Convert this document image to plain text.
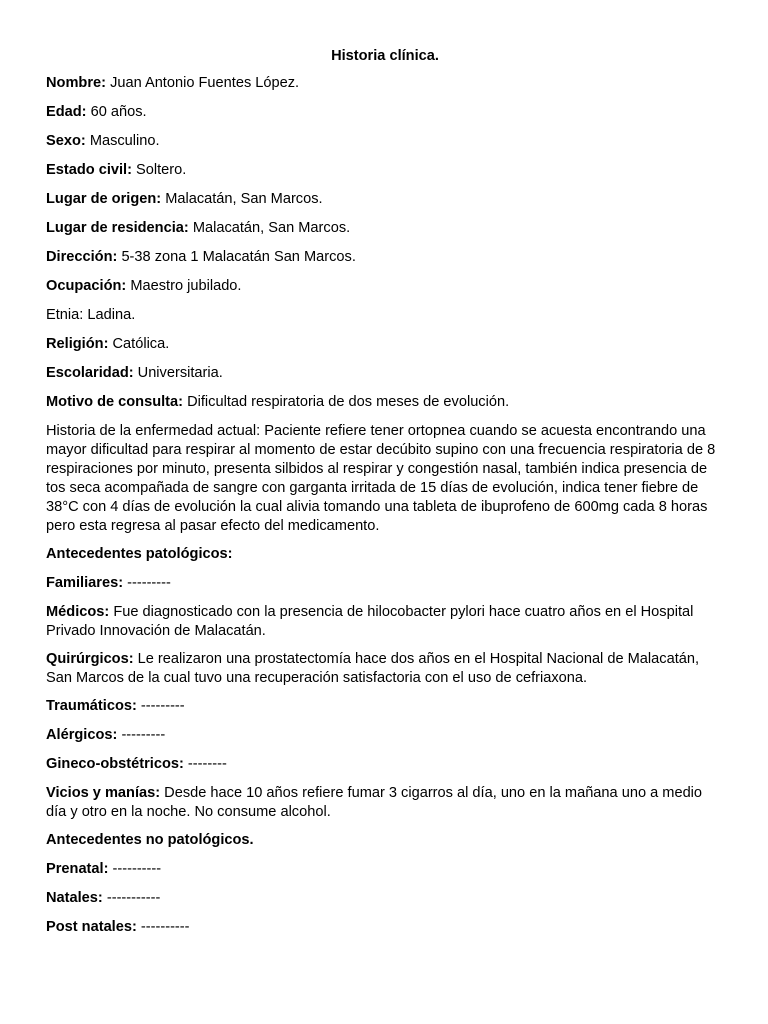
Historia clínica.
Nombre: Juan Antonio Fuentes López.
Edad: 60 años.
Sexo: Masculino.
Estado civil: Soltero.
Lugar de origen: Malacatán, San Marcos.
Lugar de residencia: Malacatán, San Marcos.
Dirección: 5-38 zona 1 Malacatán San Marcos.
Ocupación: Maestro jubilado.
Etnia: Ladina.
Religión: Católica.
Escolaridad: Universitaria.
Motivo de consulta: Dificultad respiratoria de dos meses de evolución.
Historia de la enfermedad actual: Paciente refiere tener ortopnea cuando se acuesta encontrando una mayor dificultad para respirar al momento de estar decúbito supino con una frecuencia respiratoria de 8 respiraciones por minuto, presenta silbidos al respirar y congestión nasal, también indica presencia de tos seca acompañada de sangre con garganta irritada de 15 días de evolución, indica tener fiebre de 38°C con 4 días de evolución la cual alivia tomando una tableta de ibuprofeno de 600mg cada 8 horas pero esta regresa al pasar efecto del medicamento.
Antecedentes patológicos:
Familiares: ---------
Médicos: Fue diagnosticado con la presencia de hilocobacter pylori hace cuatro años en el Hospital Privado Innovación de Malacatán.
Quirúrgicos: Le realizaron una prostatectomía hace dos años en el Hospital Nacional de Malacatán, San Marcos de la cual tuvo una recuperación satisfactoria con el uso de cefriaxona.
Traumáticos: ---------
Alérgicos: ---------
Gineco-obstétricos: --------
Vicios y manías: Desde hace 10 años refiere fumar 3 cigarros al día, uno en la mañana uno a medio día y otro en la noche. No consume alcohol.
Antecedentes no patológicos.
Prenatal: ----------
Natales: -----------
Post natales: ----------
